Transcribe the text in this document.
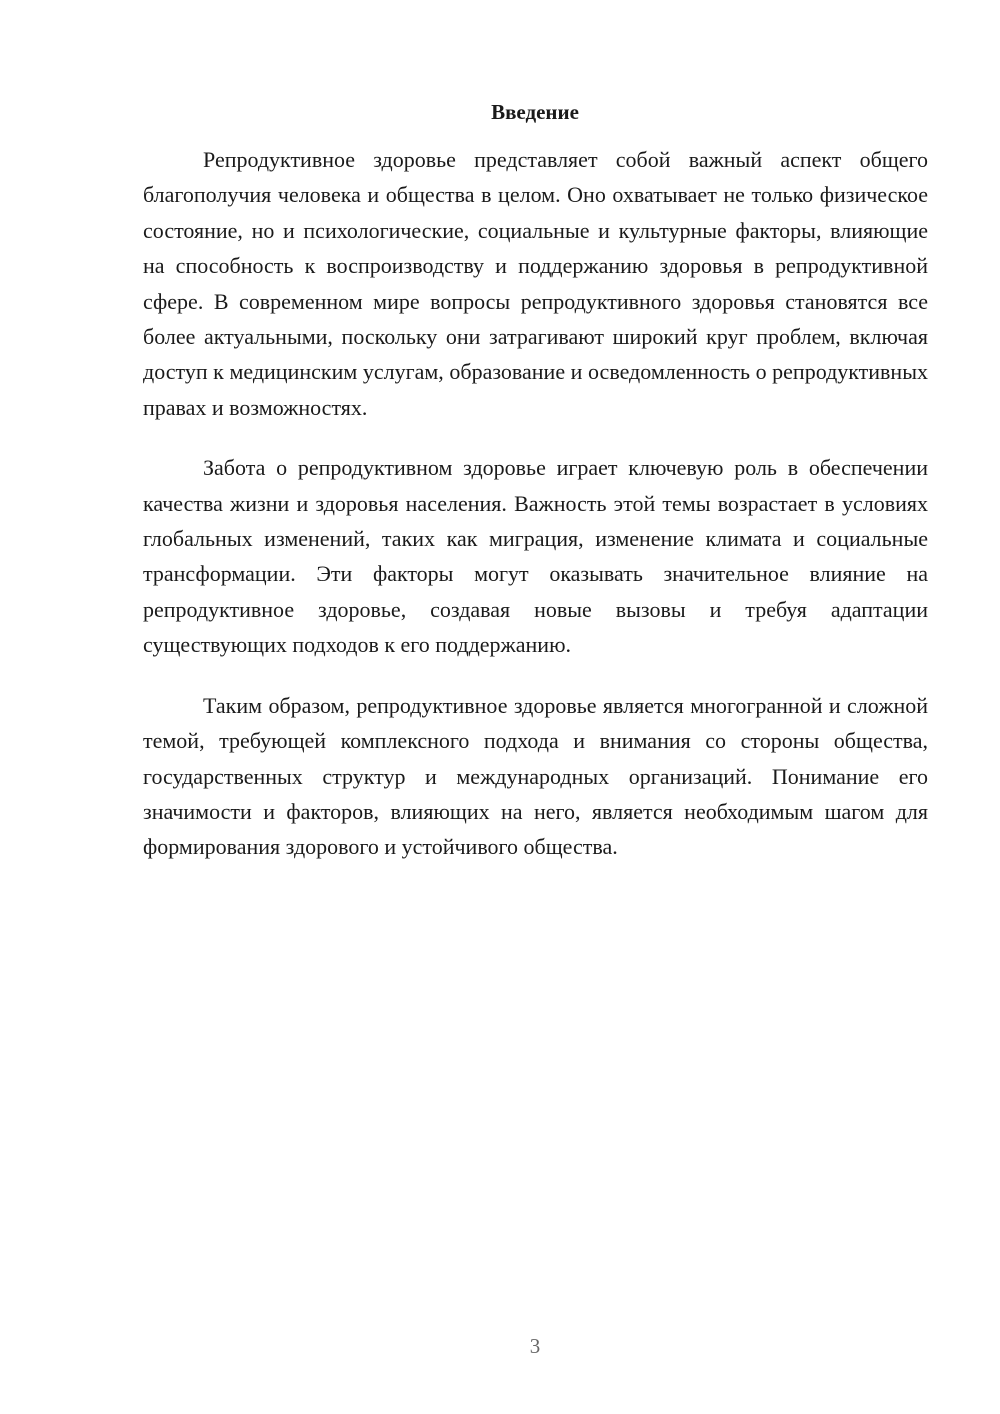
Введение

Репродуктивное здоровье представляет собой важный аспект общего благополучия человека и общества в целом. Оно охватывает не только физическое состояние, но и психологические, социальные и культурные факторы, влияющие на способность к воспроизводству и поддержанию здоровья в репродуктивной сфере. В современном мире вопросы репродуктивного здоровья становятся все более актуальными, поскольку они затрагивают широкий круг проблем, включая доступ к медицинским услугам, образование и осведомленность о репродуктивных правах и возможностях.

Забота о репродуктивном здоровье играет ключевую роль в обеспечении качества жизни и здоровья населения. Важность этой темы возрастает в условиях глобальных изменений, таких как миграция, изменение климата и социальные трансформации. Эти факторы могут оказывать значительное влияние на репродуктивное здоровье, создавая новые вызовы и требуя адаптации существующих подходов к его поддержанию.

Таким образом, репродуктивное здоровье является многогранной и сложной темой, требующей комплексного подхода и внимания со стороны общества, государственных структур и международных организаций. Понимание его значимости и факторов, влияющих на него, является необходимым шагом для формирования здорового и устойчивого общества.

3
